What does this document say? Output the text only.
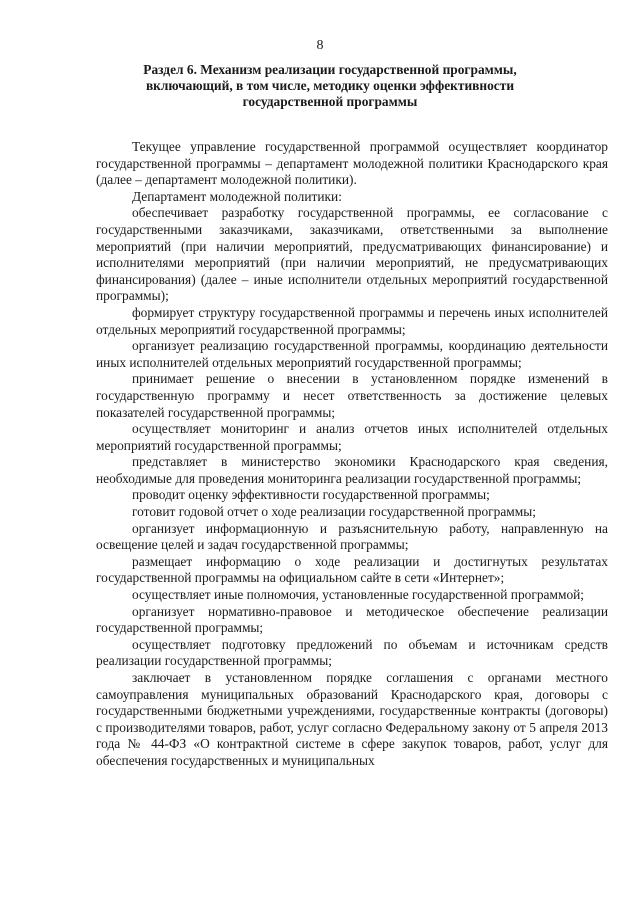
8
Раздел 6. Механизм реализации государственной программы,
включающий, в том числе, методику оценки эффективности
государственной программы

Текущее управление государственной программой осуществляет координатор государственной программы – департамент молодежной политики Краснодарского края (далее – департамент молодежной политики).

Департамент молодежной политики:

обеспечивает разработку государственной программы, ее согласование с государственными заказчиками, заказчиками, ответственными за выполнение мероприятий (при наличии мероприятий, предусматривающих финансирование) и исполнителями мероприятий (при наличии мероприятий, не предусматривающих финансирования) (далее – иные исполнители отдельных мероприятий государственной программы);

формирует структуру государственной программы и перечень иных исполнителей отдельных мероприятий государственной программы;

организует реализацию государственной программы, координацию деятельности иных исполнителей отдельных мероприятий государственной программы;

принимает решение о внесении в установленном порядке изменений в государственную программу и несет ответственность за достижение целевых показателей государственной программы;

осуществляет мониторинг и анализ отчетов иных исполнителей отдельных мероприятий государственной программы;

представляет в министерство экономики Краснодарского края сведения, необходимые для проведения мониторинга реализации государственной программы;

проводит оценку эффективности государственной программы;

готовит годовой отчет о ходе реализации государственной программы;

организует информационную и разъяснительную работу, направленную на освещение целей и задач государственной программы;

размещает информацию о ходе реализации и достигнутых результатах государственной программы на официальном сайте в сети «Интернет»;

осуществляет иные полномочия, установленные государственной программой;

организует нормативно-правовое и методическое обеспечение реализации государственной программы;

осуществляет подготовку предложений по объемам и источникам средств реализации государственной программы;

заключает в установленном порядке соглашения с органами местного самоуправления муниципальных образований Краснодарского края, договоры с государственными бюджетными учреждениями, государственные контракты (договоры) с производителями товаров, работ, услуг согласно Федеральному закону от 5 апреля 2013 года № 44-ФЗ «О контрактной системе в сфере закупок товаров, работ, услуг для обеспечения государственных и муниципальных
